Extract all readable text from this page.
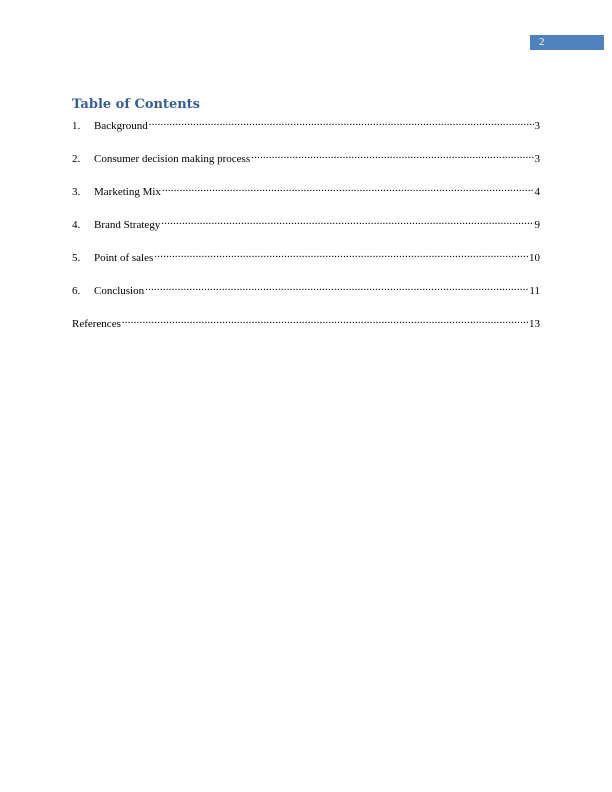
2
Table of Contents
1.	Background .....	3
2.	Consumer decision making process .....	3
3.	Marketing Mix .....	4
4.	Brand Strategy .....	9
5.	Point of sales .....	10
6.	Conclusion .....	11
References .....	13
